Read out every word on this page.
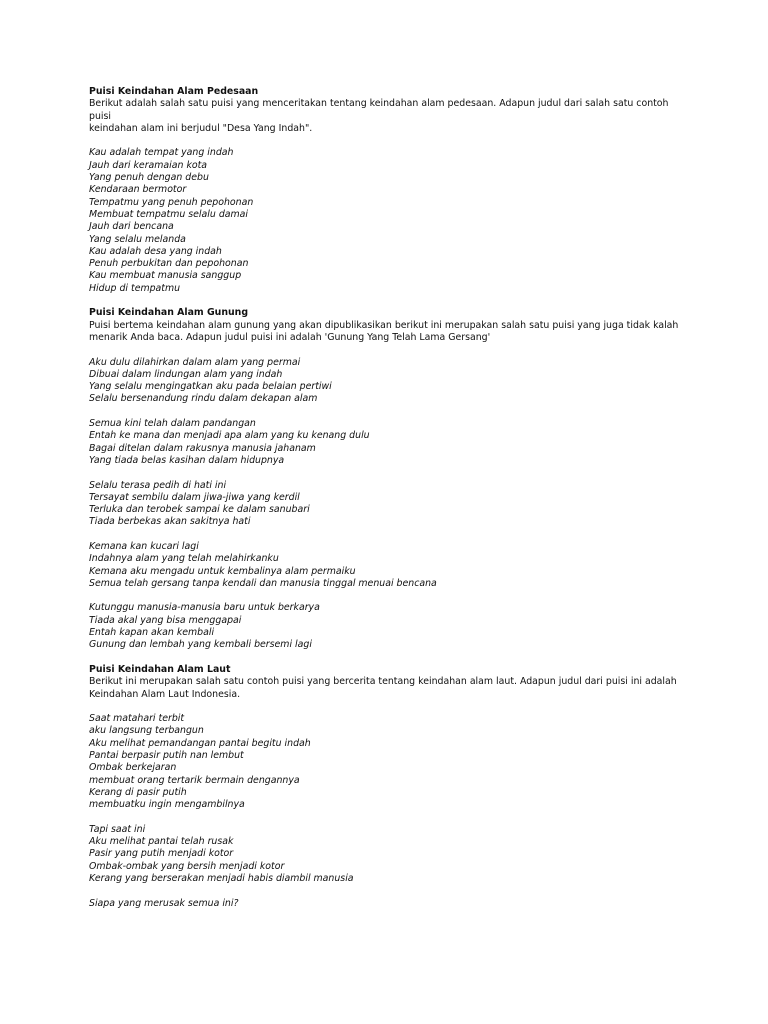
Puisi Keindahan Alam Pedesaan
Berikut adalah salah satu puisi yang menceritakan tentang keindahan alam pedesaan. Adapun judul dari salah satu contoh puisi
keindahan alam ini berjudul "Desa Yang Indah".
Kau adalah tempat yang indah
Jauh dari keramaian kota
Yang penuh dengan debu
Kendaraan bermotor
Tempatmu yang penuh pepohonan
Membuat tempatmu selalu damai
Jauh dari bencana
Yang selalu melanda
Kau adalah desa yang indah
Penuh perbukitan dan pepohonan
Kau membuat manusia sanggup
Hidup di tempatmu
Puisi Keindahan Alam Gunung
Puisi bertema keindahan alam gunung yang akan dipublikasikan berikut ini merupakan salah satu puisi yang juga tidak kalah
menarik Anda baca. Adapun judul puisi ini adalah 'Gunung Yang Telah Lama Gersang'
Aku dulu dilahirkan dalam alam yang permai
Dibuai dalam lindungan alam yang indah
Yang selalu mengingatkan aku pada belaian pertiwi
Selalu bersenandung rindu dalam dekapan alam
Semua kini telah dalam pandangan
Entah ke mana dan menjadi apa alam yang ku kenang dulu
Bagai ditelan dalam rakusnya manusia jahanam
Yang tiada belas kasihan dalam hidupnya
Selalu terasa pedih di hati ini
Tersayat sembilu dalam jiwa-jiwa yang kerdil
Terluka dan terobek sampai ke dalam sanubari
Tiada berbekas akan sakitnya hati
Kemana kan kucari lagi
Indahnya alam yang telah melahirkanku
Kemana aku mengadu untuk kembalinya alam permaiku
Semua telah gersang tanpa kendali dan manusia tinggal menuai bencana
Kutunggu manusia-manusia baru untuk berkarya
Tiada akal yang bisa menggapai
Entah kapan akan kembali
Gunung dan lembah yang kembali bersemi lagi
Puisi Keindahan Alam Laut
Berikut ini merupakan salah satu contoh puisi yang bercerita tentang keindahan alam laut. Adapun judul dari puisi ini adalah
Keindahan Alam Laut Indonesia.
Saat matahari terbit
aku langsung terbangun
Aku melihat pemandangan pantai begitu indah
Pantai berpasir putih nan lembut
Ombak berkejaran
membuat orang tertarik bermain dengannya
Kerang di pasir putih
membuatku ingin mengambilnya
Tapi saat ini
Aku melihat pantai telah rusak
Pasir yang putih menjadi kotor
Ombak-ombak yang bersih menjadi kotor
Kerang yang berserakan menjadi habis diambil manusia
Siapa yang merusak semua ini?
